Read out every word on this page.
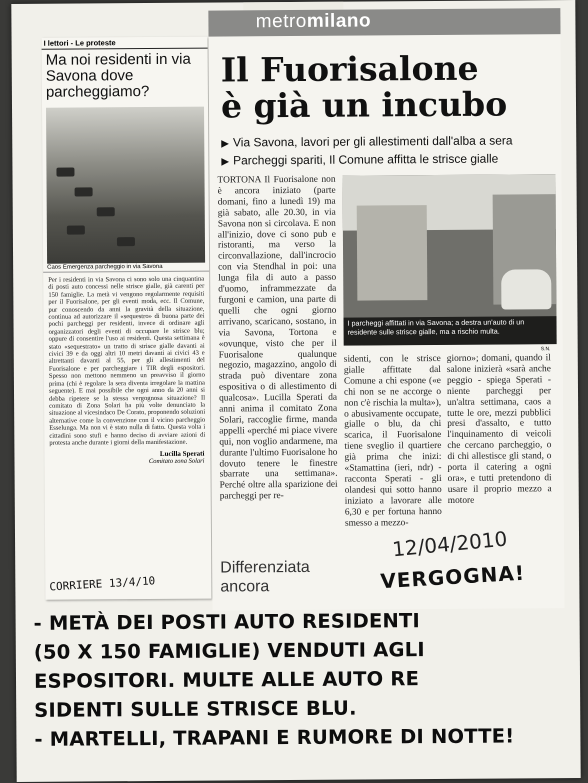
I lettori - Le proteste
Ma noi residenti in via Savona dove parcheggiamo?
Caos Emergenza parcheggio in via Savona
Per i residenti in via Savona ci sono solo una cinquantina di posti auto concessi nelle strisce gialle, già carenti per 150 famiglie. La metà vi vengono regolarmente requisiti per il Fuorisalone, per gli eventi moda, ecc. Il Comune, pur conoscendo da anni la gravità della situazione, continua ad autorizzare il «sequestro» di buona parte dei pochi parcheggi per residenti, invece di ordinare agli organizzatori degli eventi di occupare le strisce blu; oppure di consentire l'uso ai residenti. Questa settimana è stato «sequestrato» un tratto di strisce gialle davanti ai civici 39 e da oggi altri 10 metri davanti ai civici 43 e altrettanti davanti al 55, per gli allestimenti del Fuorisalone e per parcheggiare i TIR degli espositori. Spesso non mettono nemmeno un preavviso il giorno prima (chi è regolare la sera diventa irregolare la mattina seguente). E mai possibile che ogni anno da 20 anni si debba ripetere se la stessa vergognosa situazione? Il comitato di Zona Solari ha più volte denunciato la situazione al vicesindaco De Corato, proponendo soluzioni alternative come la convenzione con il vicino parcheggio Esselunga. Ma non vi è stato nulla di fatto. Questa volta i cittadini sono stufi e hanno deciso di avviare azioni di protesta anche durante i giorni della manifestazione.
Lucilla Sperati
Comitato zona Solari
CORRIERE 13/4/10
metromilano
Il Fuorisalone
è già un incubo
▶ Via Savona, lavori per gli allestimenti dall'alba a sera
▶ Parcheggi spariti, Il Comune affitta le strisce gialle
TORTONA Il Fuorisalone non è ancora iniziato (parte domani, fino a lunedì 19) ma già sabato, alle 20.30, in via Savona non si circolava. E non all'inizio, dove ci sono pub e ristoranti, ma verso la circonvallazione, dall'incrocio con via Stendhal in poi: una lunga fila di auto a passo d'uomo, inframmezzate da furgoni e camion, una parte di quelli che ogni giorno arrivano, scaricano, sostano, in via Savona, Tortona e «ovunque, visto che per il Fuorisalone qualunque negozio, magazzino, angolo di strada può diventare zona espositiva o di allestimento di qualcosa». Lucilla Sperati da anni anima il comitato Zona Solari, raccoglie firme, manda appelli «perché mi piace vivere qui, non voglio andarmene, ma durante l'ultimo Fuorisalone ho dovuto tenere le finestre sbarrate una settimana». Perché oltre alla sparizione dei parcheggi per re-
I parcheggi affittati in via Savona; a destra un'auto di un residente sulle strisce gialle, ma a rischio multa.
S.N.
sidenti, con le strisce gialle affittate dal Comune a chi espone («e chi non se ne accorge o non c'è rischia la multa»), o abusivamente occupate, gialle o blu, da chi scarica, il Fuorisalone tiene sveglio il quartiere già prima che inizi: «Stamattina (ieri, ndr) - racconta Sperati - gli olandesi qui sotto hanno iniziato a lavorare alle 6,30 e per fortuna hanno smesso a mezzo-
giorno»; domani, quando il salone inizierà «sarà anche peggio - spiega Sperati - niente parcheggi per un'altra settimana, caos a tutte le ore, mezzi pubblici presi d'assalto, e tutto l'inquinamento di veicoli che cercano parcheggio, o di chi allestisce gli stand, o porta il catering a ogni ora», e tutti pretendono di usare il proprio mezzo a motore
Differenziata ancora
12/04/2010
VERGOGNA!
- METÀ DEI POSTI AUTO RESIDENTI
(50 X 150 FAMIGLIE) VENDUTI AGLI
ESPOSITORI. MULTE ALLE AUTO RE
SIDENTI SULLE STRISCE BLU.
- MARTELLI, TRAPANI E RUMORE DI NOTTE!
